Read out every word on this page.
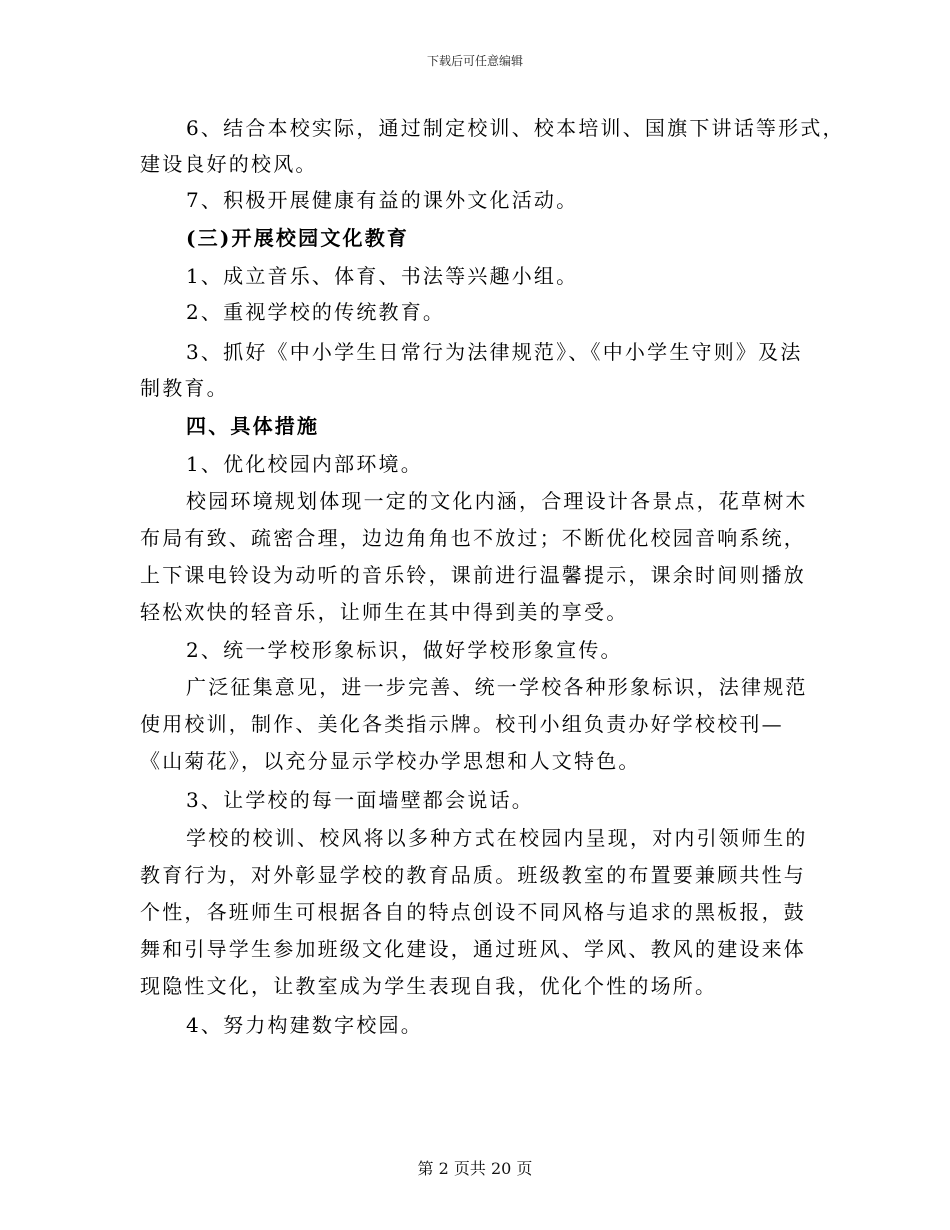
下载后可任意编辑
6、结合本校实际，通过制定校训、校本培训、国旗下讲话等形式，
建设良好的校风。
7、积极开展健康有益的课外文化活动。
(三)开展校园文化教育
1、成立音乐、体育、书法等兴趣小组。
2、重视学校的传统教育。
3、抓好《中小学生日常行为法律规范》、《中小学生守则》及法
制教育。
四、具体措施
1、优化校园内部环境。
校园环境规划体现一定的文化内涵，合理设计各景点，花草树木
布局有致、疏密合理，边边角角也不放过；不断优化校园音响系统，
上下课电铃设为动听的音乐铃，课前进行温馨提示，课余时间则播放
轻松欢快的轻音乐，让师生在其中得到美的享受。
2、统一学校形象标识，做好学校形象宣传。
广泛征集意见，进一步完善、统一学校各种形象标识，法律规范
使用校训，制作、美化各类指示牌。校刊小组负责办好学校校刊—
《山菊花》，以充分显示学校办学思想和人文特色。
3、让学校的每一面墙壁都会说话。
学校的校训、校风将以多种方式在校园内呈现，对内引领师生的
教育行为，对外彰显学校的教育品质。班级教室的布置要兼顾共性与
个性，各班师生可根据各自的特点创设不同风格与追求的黑板报，鼓
舞和引导学生参加班级文化建设，通过班风、学风、教风的建设来体
现隐性文化，让教室成为学生表现自我，优化个性的场所。
4、努力构建数字校园。
第 2 页共 20 页
